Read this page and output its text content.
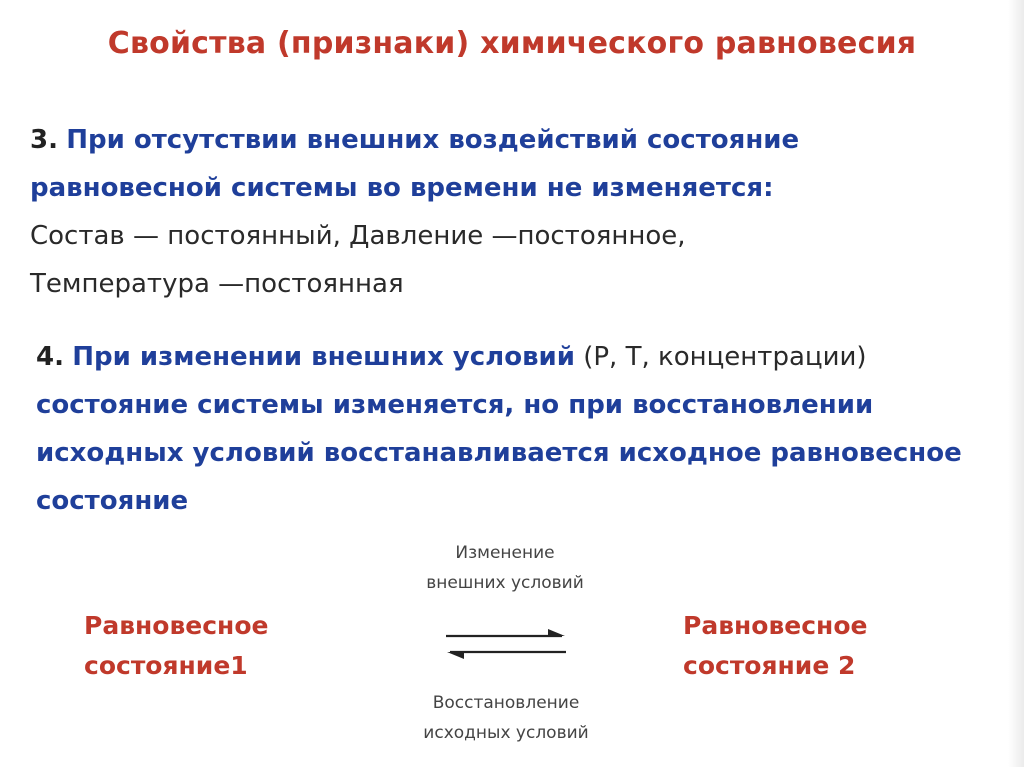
Свойства (признаки) химического равновесия
3. При отсутствии внешних воздействий состояние равновесной системы во времени не изменяется:
Состав — постоянный, Давление —постоянное,
Температура —постоянная
4. При изменении внешних условий (P, T, концентрации) состояние системы изменяется, но при восстановлении исходных условий восстанавливается исходное равновесное состояние
Изменение
внешних условий
Равновесное
состояние1
Равновесное
состояние 2
Восстановление
исходных условий
